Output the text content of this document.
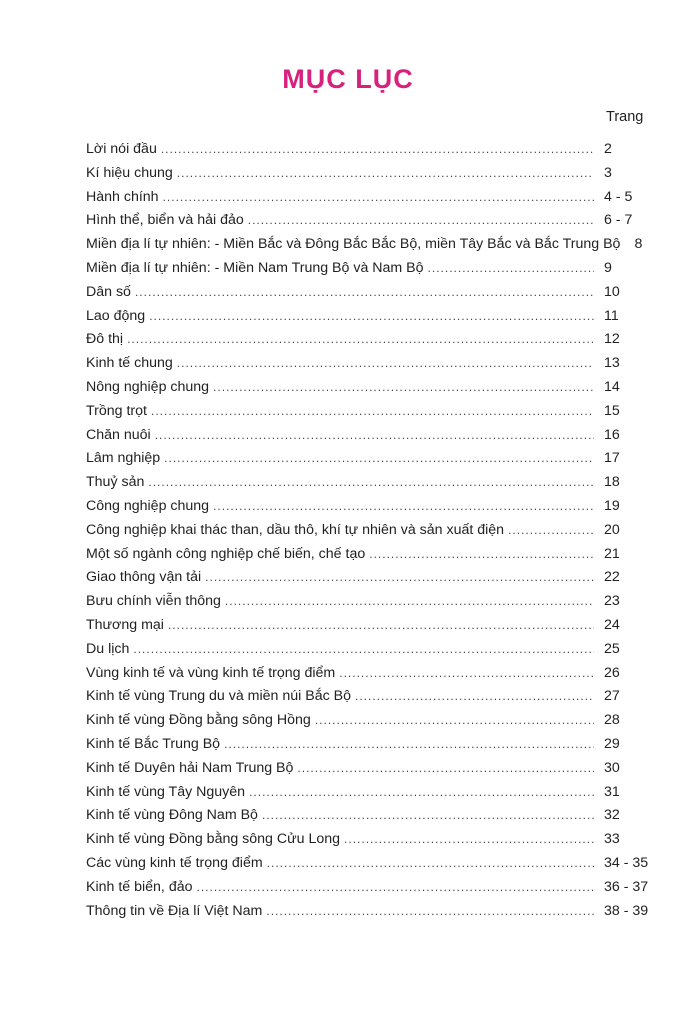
MỤC LỤC
Trang
Lời nói đầu .....	2
Kí hiệu chung .....	3
Hành chính .....	4 - 5
Hình thể, biển và hải đảo .....	6 - 7
Miền địa lí tự nhiên: - Miền Bắc và Đông Bắc Bắc Bộ, miền Tây Bắc và Bắc Trung Bộ 8
Miền địa lí tự nhiên: - Miền Nam Trung Bộ và Nam Bộ .....	9
Dân số .....	10
Lao động .....	11
Đô thị .....	12
Kinh tế chung .....	13
Nông nghiệp chung .....	14
Trồng trọt .....	15
Chăn nuôi .....	16
Lâm nghiệp .....	17
Thuỷ sản .....	18
Công nghiệp chung .....	19
Công nghiệp khai thác than, dầu thô, khí tự nhiên và sản xuất điện .....	20
Một số ngành công nghiệp chế biến, chế tạo .....	21
Giao thông vận tải .....	22
Bưu chính viễn thông .....	23
Thương mại .....	24
Du lịch .....	25
Vùng kinh tế và vùng kinh tế trọng điểm .....	26
Kinh tế vùng Trung du và miền núi Bắc Bộ .....	27
Kinh tế vùng Đồng bằng sông Hồng .....	28
Kinh tế Bắc Trung Bộ .....	29
Kinh tế Duyên hải Nam Trung Bộ .....	30
Kinh tế vùng Tây Nguyên .....	31
Kinh tế vùng Đông Nam Bộ .....	32
Kinh tế vùng Đồng bằng sông Cửu Long .....	33
Các vùng kinh tế trọng điểm .....	34 - 35
Kinh tế biển, đảo .....	36 - 37
Thông tin về Địa lí Việt Nam .....	38 - 39
